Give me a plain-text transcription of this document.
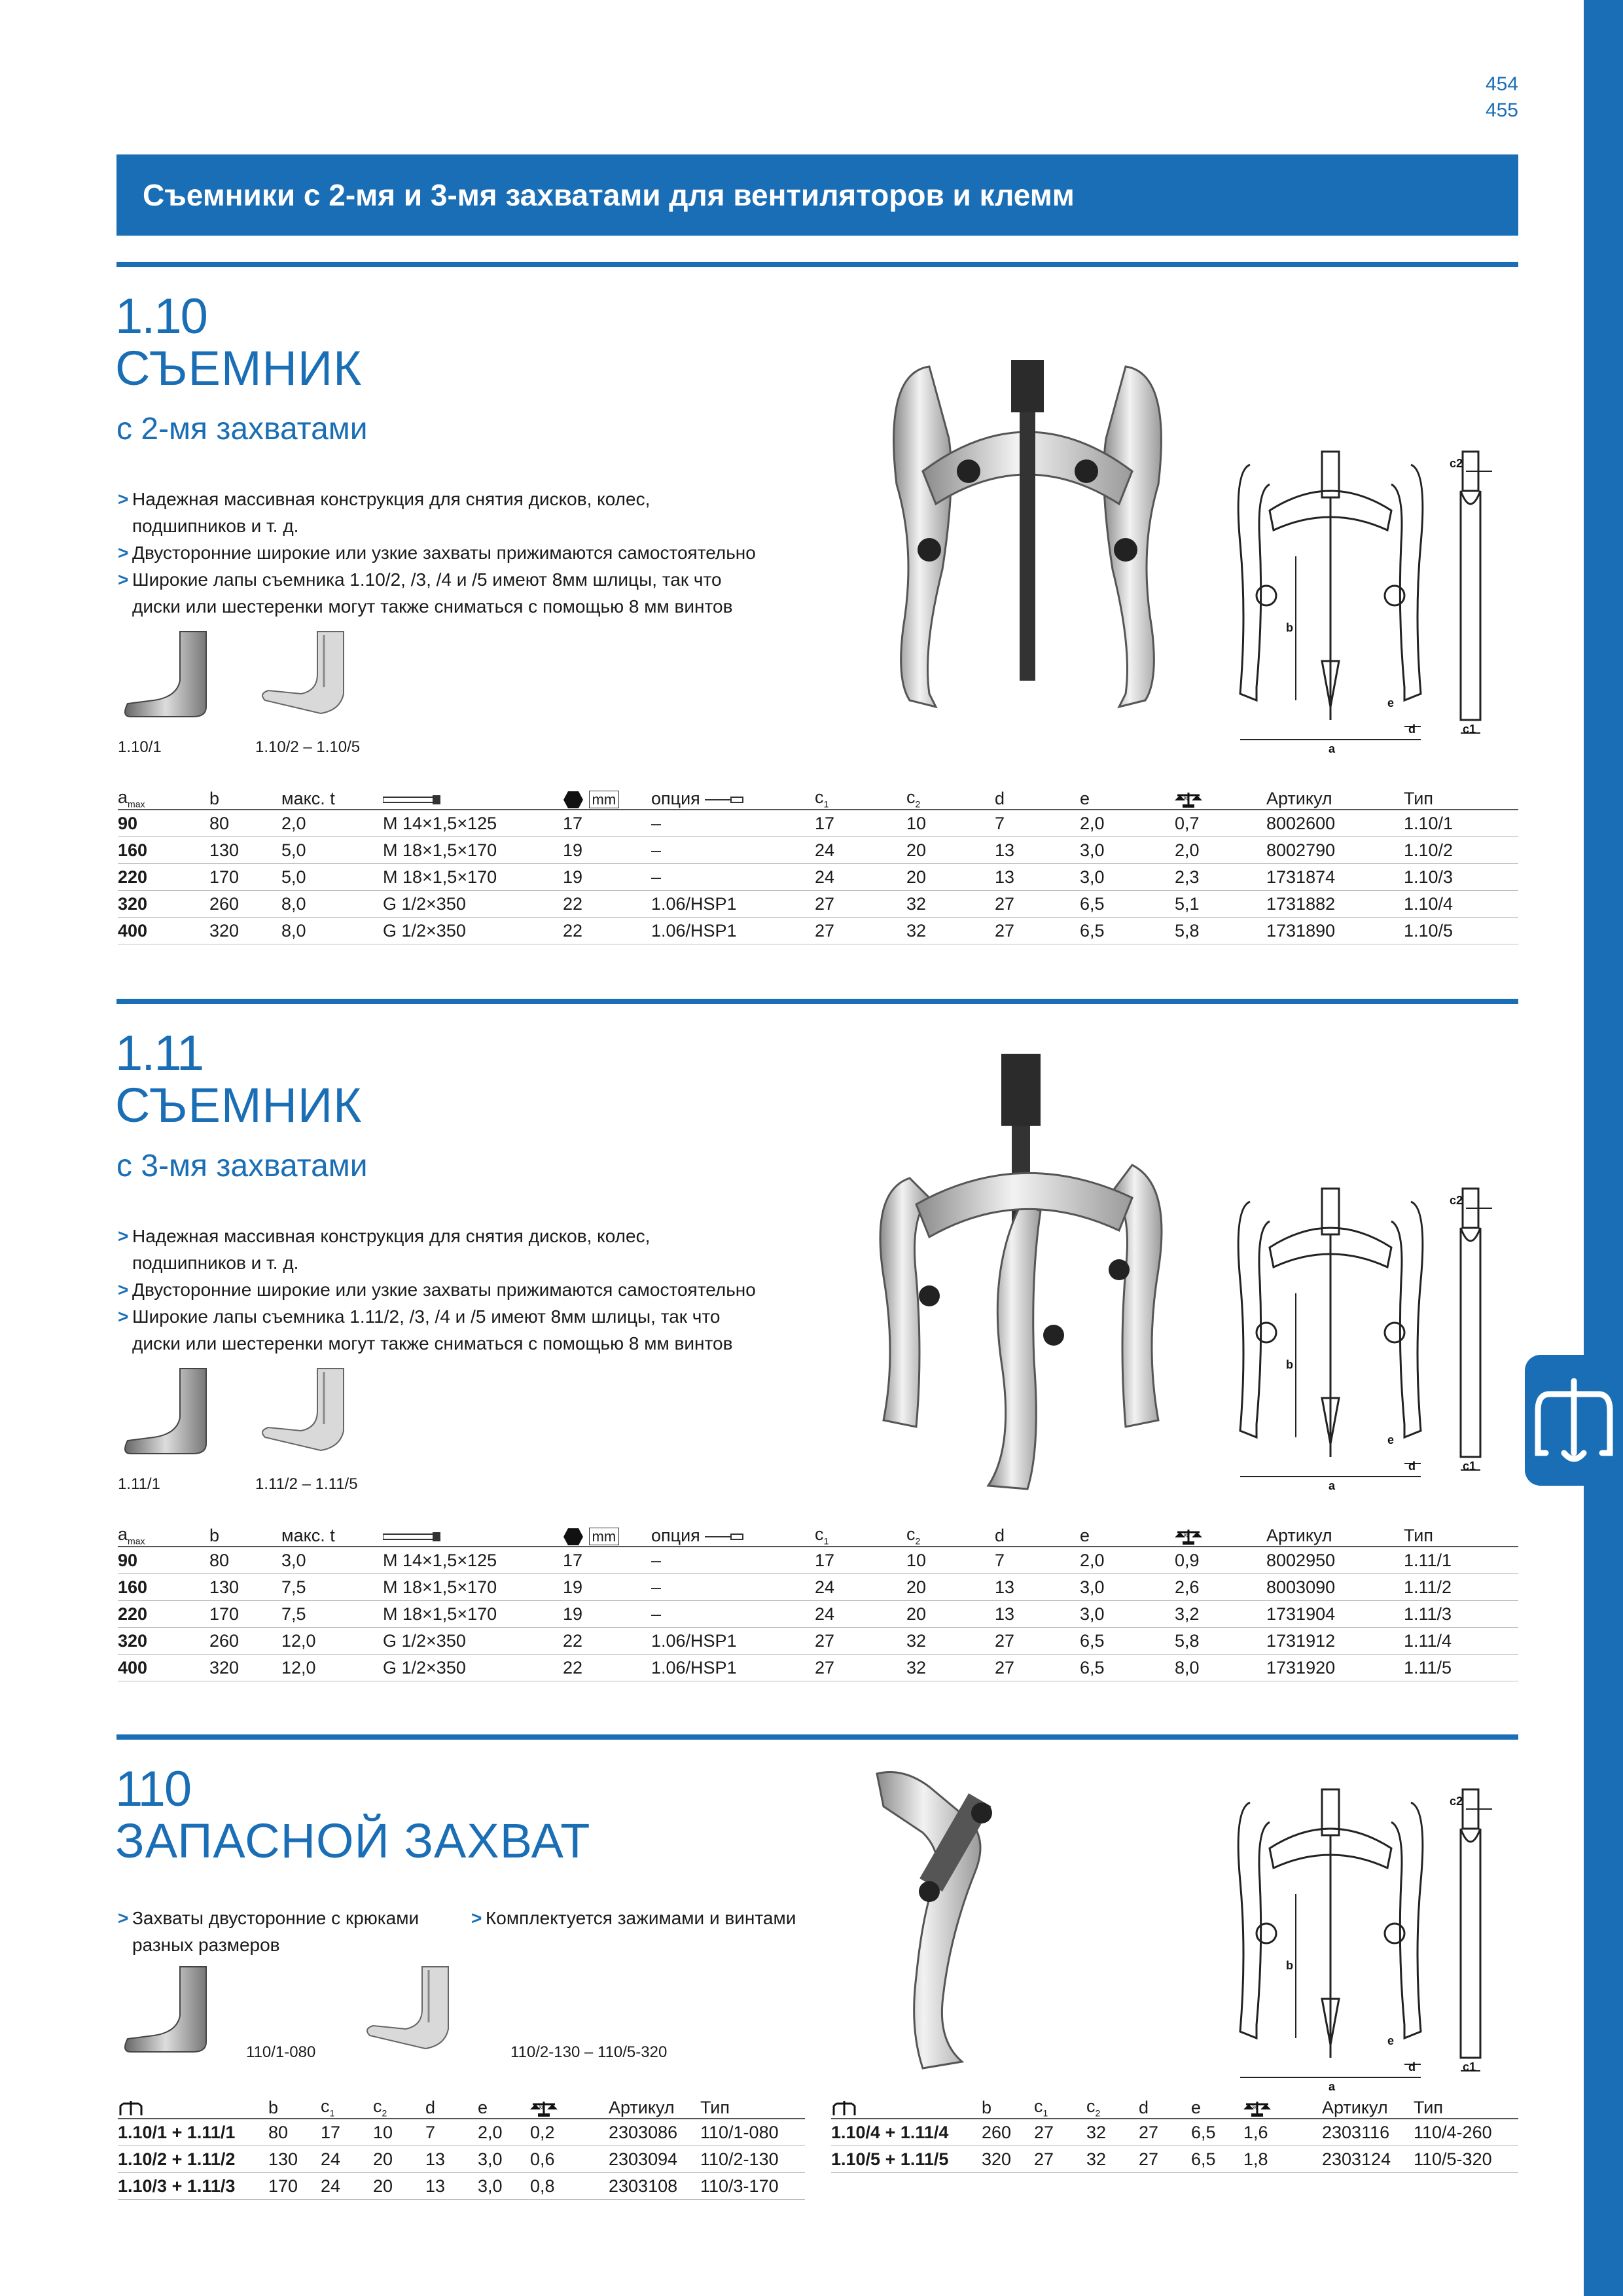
454
455
Съемники с 2-мя и 3-мя захватами для вентиляторов и клемм
1.10
СЪЕМНИК
с 2-мя захватами
> Надежная массивная конструкция для снятия дисков, колес, подшипников и т. д.
> Двусторонние широкие или узкие захваты прижимаются самостоятельно
> Широкие лапы съемника 1.10/2, /3, /4 и /5 имеют 8мм шлицы, так что диски или шестеренки могут также сниматься с помощью 8 мм винтов
1.10/1	1.10/2 – 1.10/5	a
b
e
d	c1
c2
$a_{max}$	b	макс. t		mm	опция	$c_1$	$c_2$	d	e	kg	Артикул	Тип
90	80	2,0	M 14×1,5×125	17	–	17	10	7	2,0	0,7	8002600	1.10/1
160	130	5,0	M 18×1,5×170	19	–	24	20	13	3,0	2,0	8002790	1.10/2
220	170	5,0	M 18×1,5×170	19	–	24	20	13	3,0	2,3	1731874	1.10/3
320	260	8,0	G 1/2×350	22	1.06/HSP1	27	32	27	6,5	5,1	1731882	1.10/4
400	320	8,0	G 1/2×350	22	1.06/HSP1	27	32	27	6,5	5,8	1731890	1.10/5
1.11
СЪЕМНИК
с 3-мя захватами
> Надежная массивная конструкция для снятия дисков, колес, подшипников и т. д.
> Двусторонние широкие или узкие захваты прижимаются самостоятельно
> Широкие лапы съемника 1.11/2, /3, /4 и /5 имеют 8мм шлицы, так что диски или шестеренки могут также сниматься с помощью 8 мм винтов
1.11/1	1.11/2 – 1.11/5	a
b
e
d	c1
c2
$a_{max}$	b	макс. t		mm	опция	$c_1$	$c_2$	d	e	kg	Артикул	Тип
90	80	3,0	M 14×1,5×125	17	–	17	10	7	2,0	0,9	8002950	1.11/1
160	130	7,5	M 18×1,5×170	19	–	24	20	13	3,0	2,6	8003090	1.11/2
220	170	7,5	M 18×1,5×170	19	–	24	20	13	3,0	3,2	1731904	1.11/3
320	260	12,0	G 1/2×350	22	1.06/HSP1	27	32	27	6,5	5,8	1731912	1.11/4
400	320	12,0	G 1/2×350	22	1.06/HSP1	27	32	27	6,5	8,0	1731920	1.11/5
110
ЗАПАСНОЙ ЗАХВАТ
> Захваты двусторонние с крюками разных размеров
> Комплектуется зажимами и винтами
110/1-080	110/2-130 – 110/5-320
a
b
e
d	c1
c2
	b	$c_1$	$c_2$	d	e	kg	Артикул	Тип
1.10/1 + 1.11/1	80	17	10	7	2,0	0,2	2303086	110/1-080
1.10/2 + 1.11/2	130	24	20	13	3,0	0,6	2303094	110/2-130
1.10/3 + 1.11/3	170	24	20	13	3,0	0,8	2303108	110/3-170
	b	$c_1$	$c_2$	d	e	kg	Артикул	Тип
1.10/4 + 1.11/4	260	27	32	27	6,5	1,6	2303116	110/4-260
1.10/5 + 1.11/5	320	27	32	27	6,5	1,8	2303124	110/5-320
